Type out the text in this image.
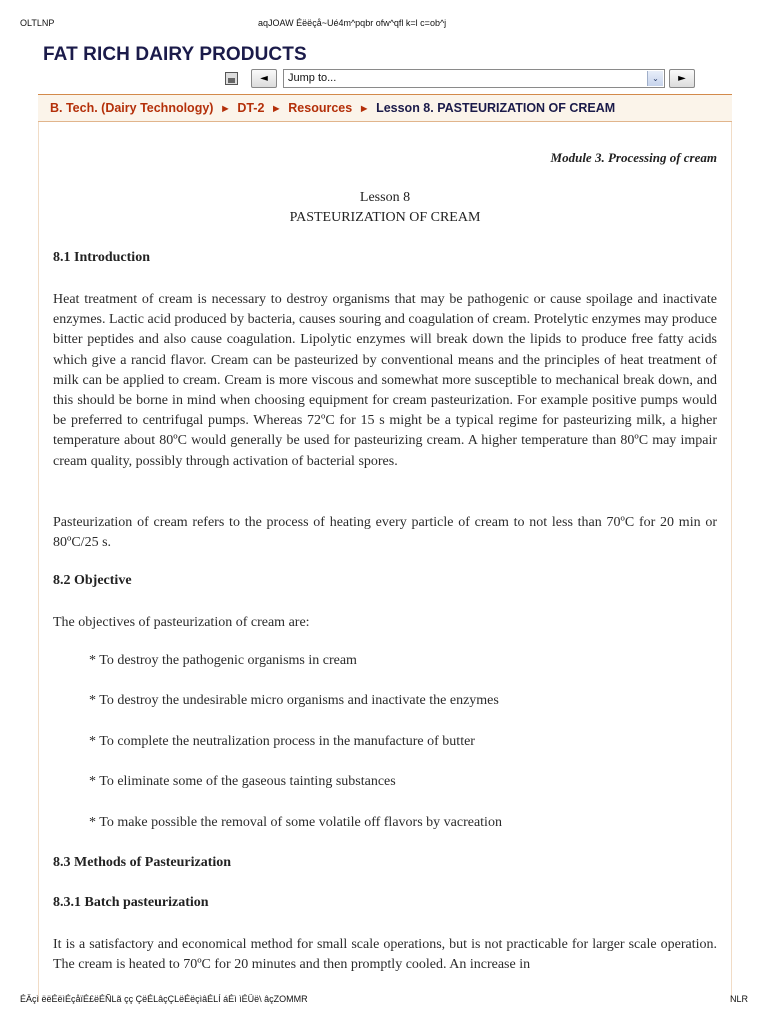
OLTLNP	aqJOAW Éëëçå~Ué4m^pqbr ofw^qfl k=l c=ob^j
FAT RICH DAIRY PRODUCTS
◄	Jump to...	⌄	►
B. Tech. (Dairy Technology) ► DT-2 ► Resources ► Lesson 8. PASTEURIZATION OF CREAM
Module 3. Processing of cream
Lesson 8
PASTEURIZATION OF CREAM
8.1 Introduction
Heat treatment of cream is necessary to destroy organisms that may be pathogenic or cause spoilage and inactivate enzymes. Lactic acid produced by bacteria, causes souring and coagulation of cream. Protelytic enzymes may produce bitter peptides and also cause coagulation. Lipolytic enzymes will break down the lipids to produce free fatty acids which give a rancid flavor. Cream can be pasteurized by conventional means and the principles of heat treatment of milk can be applied to cream. Cream is more viscous and somewhat more susceptible to mechanical break down, and this should be borne in mind when choosing equipment for cream pasteurization. For example positive pumps would be preferred to centrifugal pumps. Whereas 72ºC for 15 s might be a typical regime for pasteurizing milk, a higher temperature about 80ºC would generally be used for pasteurizing cream. A higher temperature than 80ºC may impair cream quality, possibly through activation of bacterial spores.
Pasteurization of cream refers to the process of heating every particle of cream to not less than 70ºC for 20 min or 80ºC/25 s.
8.2 Objective
The objectives of pasteurization of cream are:
* To destroy the pathogenic organisms in cream
* To destroy the undesirable micro organisms and inactivate the enzymes
* To complete the neutralization process in the manufacture of butter
* To eliminate some of the gaseous tainting substances
* To make possible the removal of some volatile off flavors by vacreation
8.3 Methods of Pasteurization
8.3.1 Batch pasteurization
It is a satisfactory and economical method for small scale operations, but is not practicable for larger scale operation. The cream is heated to 70ºC for 20 minutes and then promptly cooled. An increase in
ÉÄçì ëëÉëìÉçåïÉ£ëÉÑLã çç ÇëÉLâçÇLëÉëçìâÉLÍ áÉì ìÉÜë\ âçZOMMR	NLR
